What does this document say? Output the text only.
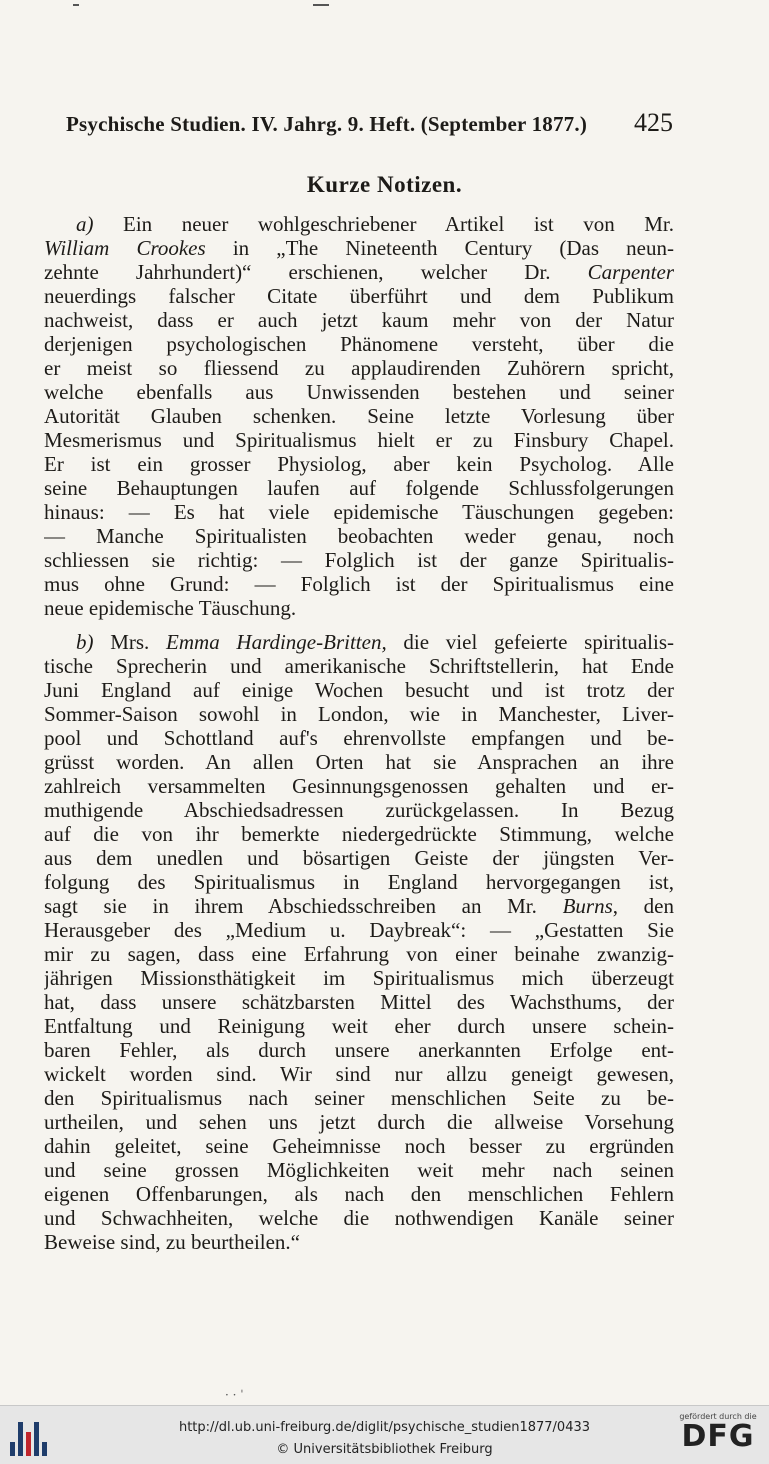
Psychische Studien. IV. Jahrg. 9. Heft. (September 1877.) 425
Kurze Notizen.
a) Ein neuer wohlgeschriebener Artikel ist von Mr.
William Crookes in „The Nineteenth Century (Das neun-
zehnte Jahrhundert)“ erschienen, welcher Dr. Carpenter
neuerdings falscher Citate überführt und dem Publikum
nachweist, dass er auch jetzt kaum mehr von der Natur
derjenigen psychologischen Phänomene versteht, über die
er meist so fliessend zu applaudirenden Zuhörern spricht,
welche ebenfalls aus Unwissenden bestehen und seiner
Autorität Glauben schenken. Seine letzte Vorlesung über
Mesmerismus und Spiritualismus hielt er zu Finsbury Chapel.
Er ist ein grosser Physiolog, aber kein Psycholog. Alle
seine Behauptungen laufen auf folgende Schlussfolgerungen
hinaus: — Es hat viele epidemische Täuschungen gegeben:
— Manche Spiritualisten beobachten weder genau, noch
schliessen sie richtig: — Folglich ist der ganze Spiritualis-
mus ohne Grund: — Folglich ist der Spiritualismus eine
neue epidemische Täuschung.
b) Mrs. Emma Hardinge-Britten, die viel gefeierte spiritualis-
tische Sprecherin und amerikanische Schriftstellerin, hat Ende
Juni England auf einige Wochen besucht und ist trotz der
Sommer-Saison sowohl in London, wie in Manchester, Liver-
pool und Schottland auf's ehrenvollste empfangen und be-
grüsst worden. An allen Orten hat sie Ansprachen an ihre
zahlreich versammelten Gesinnungsgenossen gehalten und er-
muthigende Abschiedsadressen zurückgelassen. In Bezug
auf die von ihr bemerkte niedergedrückte Stimmung, welche
aus dem unedlen und bösartigen Geiste der jüngsten Ver-
folgung des Spiritualismus in England hervorgegangen ist,
sagt sie in ihrem Abschiedsschreiben an Mr. Burns, den
Herausgeber des „Medium u. Daybreak“: — „Gestatten Sie
mir zu sagen, dass eine Erfahrung von einer beinahe zwanzig-
jährigen Missionsthätigkeit im Spiritualismus mich überzeugt
hat, dass unsere schätzbarsten Mittel des Wachsthums, der
Entfaltung und Reinigung weit eher durch unsere schein-
baren Fehler, als durch unsere anerkannten Erfolge ent-
wickelt worden sind. Wir sind nur allzu geneigt gewesen,
den Spiritualismus nach seiner menschlichen Seite zu be-
urtheilen, und sehen uns jetzt durch die allweise Vorsehung
dahin geleitet, seine Geheimnisse noch besser zu ergründen
und seine grossen Möglichkeiten weit mehr nach seinen
eigenen Offenbarungen, als nach den menschlichen Fehlern
und Schwachheiten, welche die nothwendigen Kanäle seiner
Beweise sind, zu beurtheilen.“
· · ˈ
http://dl.ub.uni-freiburg.de/diglit/psychische_studien1877/0433
© Universitätsbibliothek Freiburg
gefördert durch die
DFG
